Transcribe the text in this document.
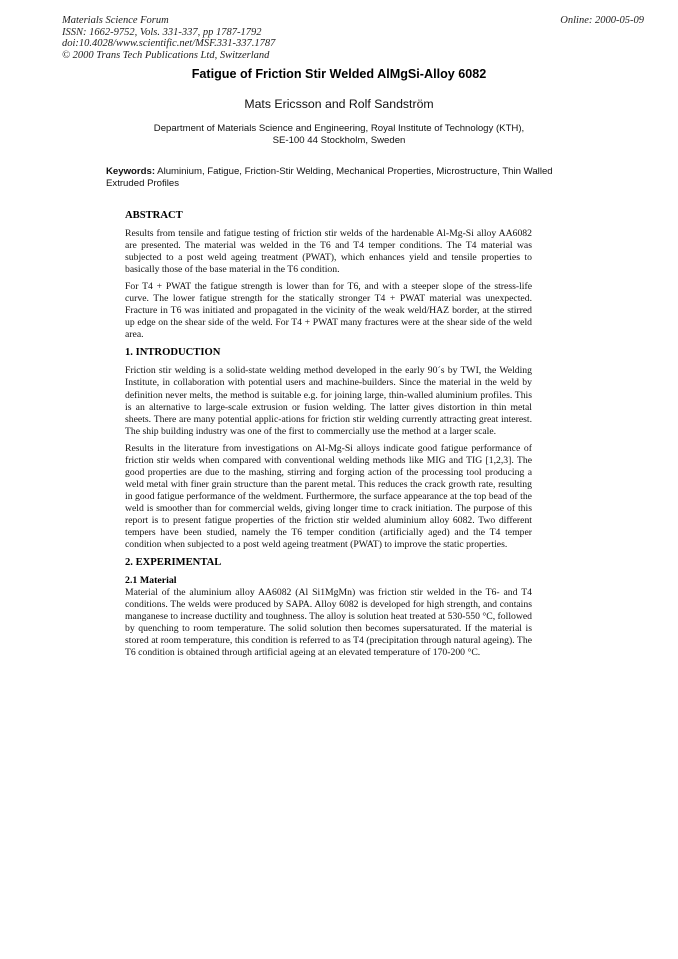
Materials Science Forum
ISSN: 1662-9752, Vols. 331-337, pp 1787-1792
doi:10.4028/www.scientific.net/MSF.331-337.1787
© 2000 Trans Tech Publications Ltd, Switzerland
Online: 2000-05-09
Fatigue of Friction Stir Welded AlMgSi-Alloy 6082
Mats Ericsson and Rolf Sandström
Department of Materials Science and Engineering, Royal Institute of Technology (KTH),
SE-100 44 Stockholm, Sweden
Keywords: Aluminium, Fatigue, Friction-Stir Welding, Mechanical Properties, Microstructure, Thin Walled Extruded Profiles
ABSTRACT

Results from tensile and fatigue testing of friction stir welds of the hardenable Al-Mg-Si alloy AA6082 are presented. The material was welded in the T6 and T4 temper conditions. The T4 material was subjected to a post weld ageing treatment (PWAT), which enhances yield and tensile properties to basically those of the base material in the T6 condition.

For T4 + PWAT the fatigue strength is lower than for T6, and with a steeper slope of the stress-life curve. The lower fatigue strength for the statically stronger T4 + PWAT material was unexpected. Fracture in T6 was initiated and propagated in the vicinity of the weak weld/HAZ border, at the stirred up edge on the shear side of the weld. For T4 + PWAT many fractures were at the shear side of the weld area.

1. INTRODUCTION

Friction stir welding is a solid-state welding method developed in the early 90´s by TWI, the Welding Institute, in collaboration with potential users and machine-builders. Since the material in the weld by definition never melts, the method is suitable e.g. for joining large, thin-walled aluminium profiles. This is an alternative to large-scale extrusion or fusion welding. The latter gives distortion in thin metal sheets. There are many potential applic-ations for friction stir welding currently attracting great interest. The ship building industry was one of the first to commercially use the method at a larger scale.

Results in the literature from investigations on Al-Mg-Si alloys indicate good fatigue performance of friction stir welds when compared with conventional welding methods like MIG and TIG [1,2,3]. The good properties are due to the mashing, stirring and forging action of the processing tool producing a weld metal with finer grain structure than the parent metal. This reduces the crack growth rate, resulting in good fatigue performance of the weldment. Furthermore, the surface appearance at the top bead of the weld is smoother than for commercial welds, giving longer time to crack initiation. The purpose of this report is to present fatigue properties of the friction stir welded aluminium alloy 6082. Two different tempers have been studied, namely the T6 temper condition (artificially aged) and the T4 temper condition when subjected to a post weld ageing treatment (PWAT) to improve the static properties.

2. EXPERIMENTAL
2.1 Material

Material of the aluminium alloy AA6082 (Al Si1MgMn) was friction stir welded in the T6- and T4 conditions. The welds were produced by SAPA. Alloy 6082 is developed for high strength, and contains manganese to increase ductility and toughness. The alloy is solution heat treated at 530-550 °C, followed by quenching to room temperature. The solid solution then becomes supersaturated. If the material is stored at room temperature, this condition is referred to as T4 (precipitation through natural ageing). The T6 condition is obtained through artificial ageing at an elevated temperature of 170-200 °C.
